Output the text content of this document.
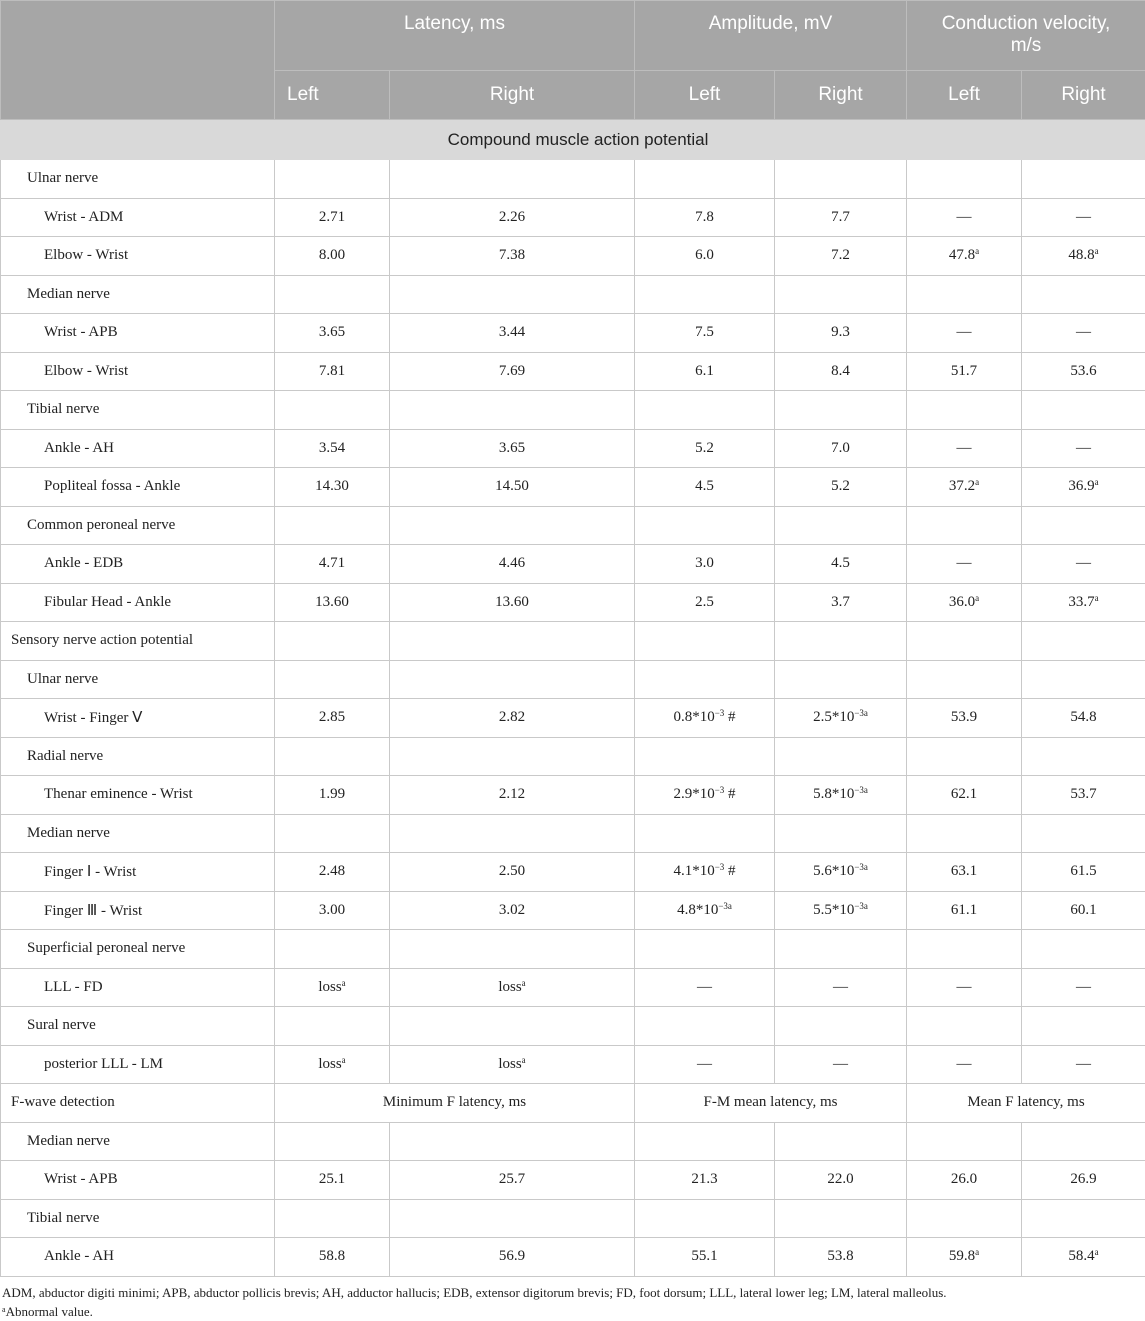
	Latency, ms		Amplitude, mV		Conduction velocity,
m/s	
	Left	Right	Left	Right	Left	Right
Compound muscle action potential						
Ulnar nerve						
Wrist - ADM	2.71	2.26	7.8	7.7	—	—
Elbow - Wrist	8.00	7.38	6.0	7.2	47.8$^a$	48.8$^a$
Median nerve						
Wrist - APB	3.65	3.44	7.5	9.3	—	—
Elbow - Wrist	7.81	7.69	6.1	8.4	51.7	53.6
Tibial nerve						
Ankle - AH	3.54	3.65	5.2	7.0	—	—
Popliteal fossa - Ankle	14.30	14.50	4.5	5.2	37.2$^a$	36.9$^a$
Common peroneal nerve						
Ankle - EDB	4.71	4.46	3.0	4.5	—	—
Fibular Head - Ankle	13.60	13.60	2.5	3.7	36.0$^a$	33.7$^a$
Sensory nerve action potential						
Ulnar nerve						
Wrist - Finger Ⅴ	2.85	2.82	$0.8*10^{-3}$ #	$2.5*10^{-3a}$	53.9	54.8
Radial nerve						
Thenar eminence - Wrist	1.99	2.12	$2.9*10^{-3}$ #	$5.8*10^{-3a}$	62.1	53.7
Median nerve						
Finger Ⅰ - Wrist	2.48	2.50	$4.1*10^{-3}$ #	$5.6*10^{-3a}$	63.1	61.5
Finger Ⅲ - Wrist	3.00	3.02	$4.8*10^{-3a}$	$5.5*10^{-3a}$	61.1	60.1
Superficial peroneal nerve						
LLL - FD	loss$^a$	loss$^a$	—	—	—	—
Sural nerve						
posterior LLL - LM	loss$^a$	loss$^a$	—	—	—	—
F-wave detection	Minimum F latency, ms		F-M mean latency, ms		Mean F latency, ms	
Median nerve						
Wrist - APB	25.1	25.7	21.3	22.0	26.0	26.9
Tibial nerve						
Ankle - AH	58.8	56.9	55.1	53.8	59.8$^a$	58.4$^a$
ADM, abductor digiti minimi; APB, abductor pollicis brevis; AH, adductor hallucis; EDB, extensor digitorum brevis; FD, foot dorsum; LLL, lateral lower leg; LM, lateral malleolus.
$^a$Abnormal value.
